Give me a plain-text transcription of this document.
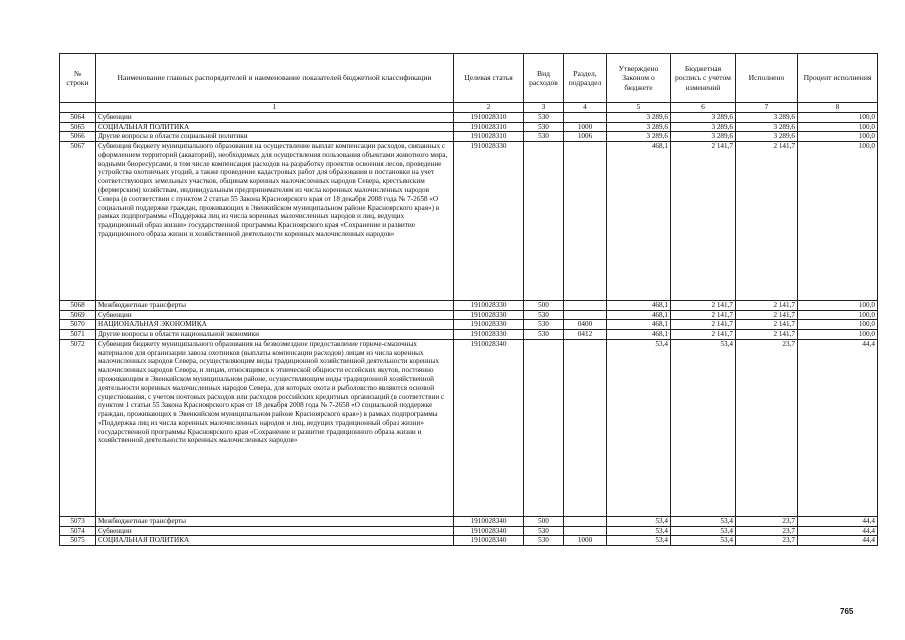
№ строки	Наименование главных распорядителей и наименование показателей бюджетной классификации	Целевая статья	Вид расходов	Раздел, подраздел	Утверждено Законом о бюджете	Бюджетная роспись с учетом изменений	Исполнено	Процент исполнения
	1	2	3	4	5	6	7	8
5064	Субвенции	1910028310	530		3 289,6	3 289,6	3 289,6	100,0
5065	СОЦИАЛЬНАЯ ПОЛИТИКА	1910028310	530	1000	3 289,6	3 289,6	3 289,6	100,0
5066	Другие вопросы в области социальной политики	1910028310	530	1006	3 289,6	3 289,6	3 289,6	100,0
5067	Субвенция бюджету муниципального образования на осуществление выплат компенсации расходов, связанных с оформлением территорий (акваторий), необходимых для осуществления пользования объектами животного мира, водными биоресурсами, в том числе компенсация расходов на разработку проектов освоения лесов, проведение устройства охотничьих угодий, а также проведение кадастровых работ для образования и постановки на учет соответствующих земельных участков, общинам коренных малочисленных народов Севера, крестьянским (фермерским) хозяйствам, индивидуальным предпринимателям из числа коренных малочисленных народов Севера (в соответствии с пунктом 2 статьи 55 Закона Красноярского края от 18 декабря 2008 года № 7-2658 «О социальной поддержке граждан, проживающих в Эвенкийском муниципальном районе Красноярского края») в рамках подпрограммы «Поддержка лиц из числа коренных малочисленных народов и лиц, ведущих традиционный образ жизни» государственной программы Красноярского края «Сохранение и развитие традиционного образа жизни и хозяйственной деятельности коренных малочисленных народов»	1910028330			468,1	2 141,7	2 141,7	100,0
5068	Межбюджетные трансферты	1910028330	500		468,1	2 141,7	2 141,7	100,0
5069	Субвенции	1910028330	530		468,1	2 141,7	2 141,7	100,0
5070	НАЦИОНАЛЬНАЯ ЭКОНОМИКА	1910028330	530	0400	468,1	2 141,7	2 141,7	100,0
5071	Другие вопросы в области национальной экономики	1910028330	530	0412	468,1	2 141,7	2 141,7	100,0
5072	Субвенция бюджету муниципального образования на безвозмездное предоставление горюче-смазочных материалов для организации завоза охотников (выплаты компенсации расходов) лицам из числа коренных малочисленных народов Севера, осуществляющим виды традиционной хозяйственной деятельности коренных малочисленных народов Севера, и лицам, относящимся к этнической общности ессейских якутов, постоянно проживающим в Эвенкийском муниципальном районе, осуществляющим виды традиционной хозяйственной деятельности коренных малочисленных народов Севера, для которых охота и рыболовство являются основой существования, с учетом почтовых расходов или расходов российских кредитных организаций (в соответствии с пунктом 1 статьи 55 Закона Красноярского края от 18 декабря 2008 года № 7-2658 «О социальной поддержке граждан, проживающих в Эвенкийском муниципальном районе Красноярского края») в рамках подпрограммы «Поддержка лиц из числа коренных малочисленных народов и лиц, ведущих традиционный образ жизни» государственной программы Красноярского края «Сохранение и развитие традиционного образа жизни и хозяйственной деятельности коренных малочисленных народов»	1910028340			53,4	53,4	23,7	44,4
5073	Межбюджетные трансферты	1910028340	500		53,4	53,4	23,7	44,4
5074	Субвенции	1910028340	530		53,4	53,4	23,7	44,4
5075	СОЦИАЛЬНАЯ ПОЛИТИКА	1910028340	530	1000	53,4	53,4	23,7	44,4
765
